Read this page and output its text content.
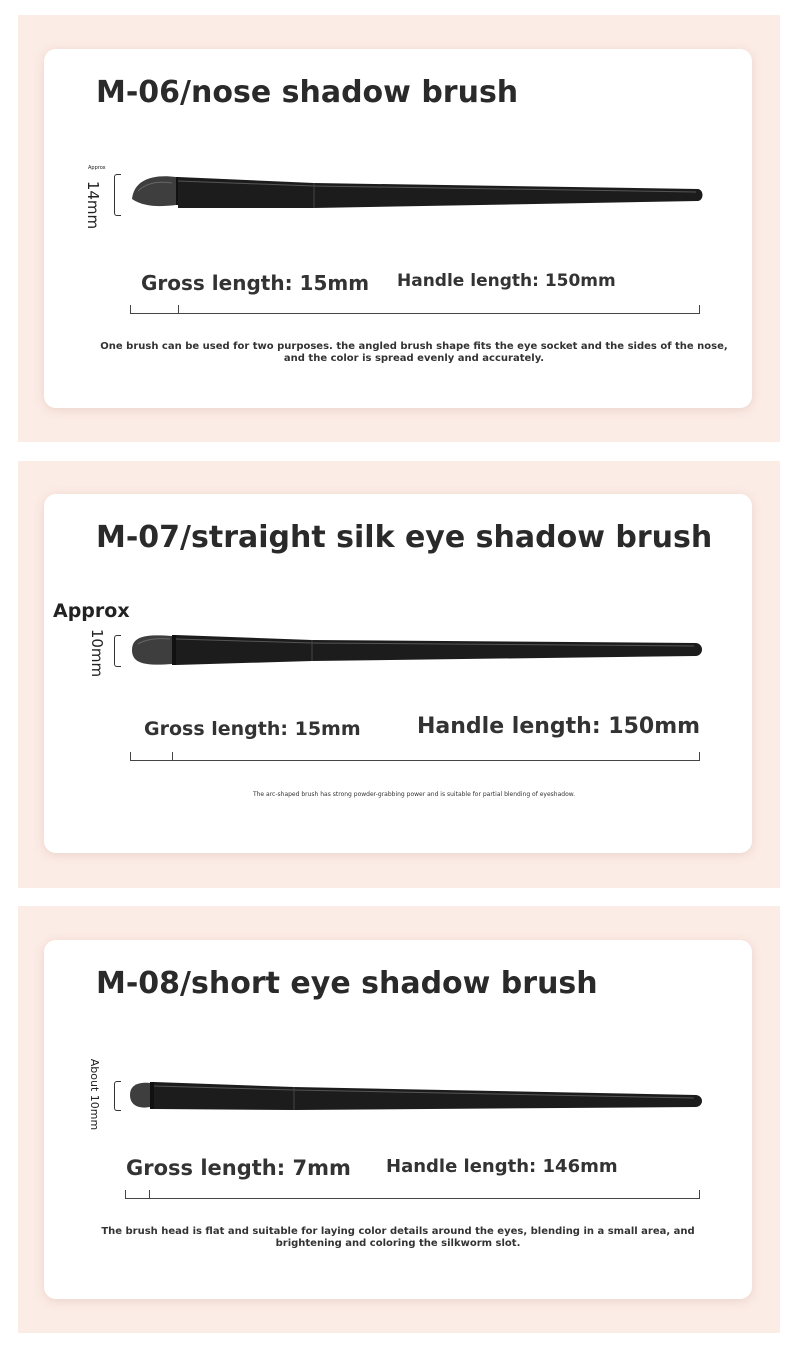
M-06/nose shadow brush
Approx
14mm
Gross length: 15mm Handle length: 150mm
One brush can be used for two purposes. the angled brush shape fits the eye socket and the sides of the nose, and the color is spread evenly and accurately.
M-07/straight silk eye shadow brush
Approx
10mm
Gross length: 15mm	Handle length: 150mm
The arc-shaped brush has strong powder-grabbing power and is suitable for partial blending of eyeshadow.
M-08/short eye shadow brush
About 10mm
Gross length: 7mm Handle length: 146mm
The brush head is flat and suitable for laying color details around the eyes, blending in a small area, and brightening and coloring the silkworm slot.
